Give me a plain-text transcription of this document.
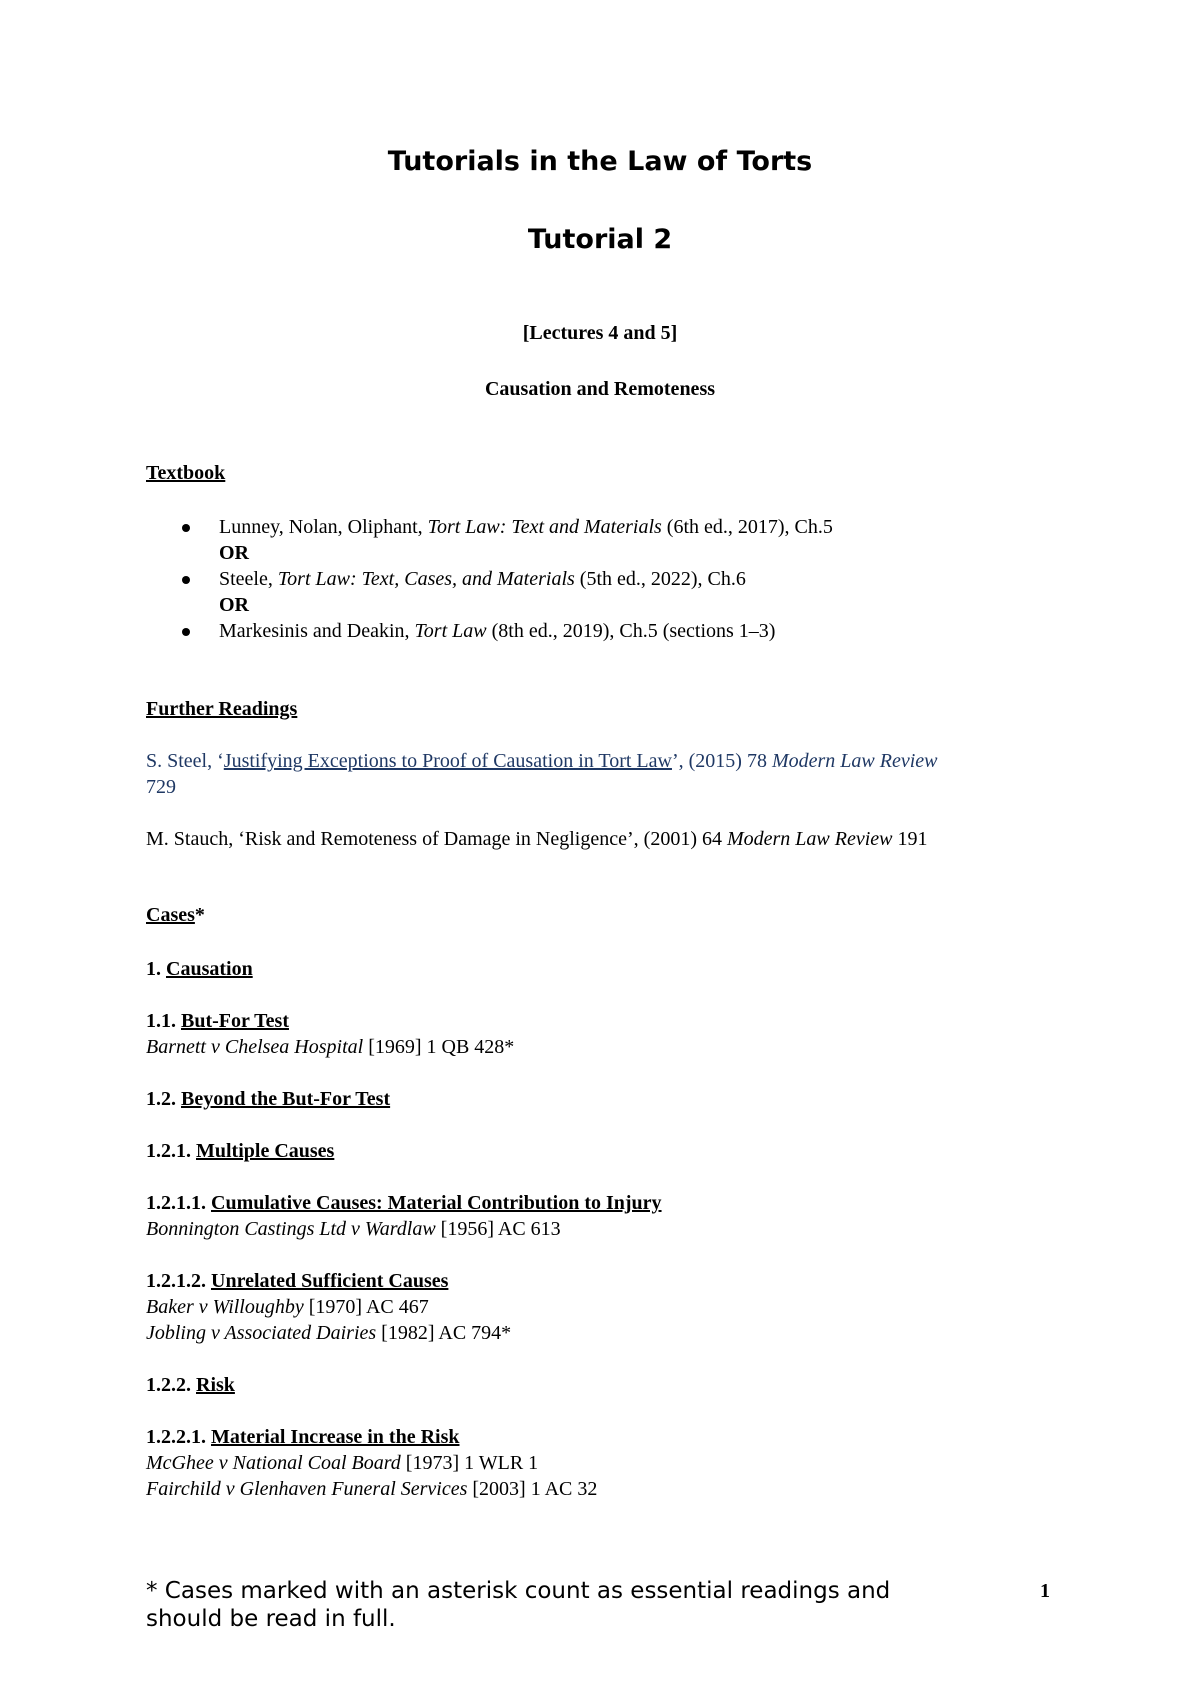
Tutorials in the Law of Torts
Tutorial 2
[Lectures 4 and 5]
Causation and Remoteness
Textbook
Lunney, Nolan, Oliphant, Tort Law: Text and Materials (6th ed., 2017), Ch.5
OR
Steele, Tort Law: Text, Cases, and Materials (5th ed., 2022), Ch.6
OR
Markesinis and Deakin, Tort Law (8th ed., 2019), Ch.5 (sections 1–3)
Further Readings
S. Steel, ‘Justifying Exceptions to Proof of Causation in Tort Law’, (2015) 78 Modern Law Review
729
M. Stauch, ‘Risk and Remoteness of Damage in Negligence’, (2001) 64 Modern Law Review 191
Cases*
1. Causation
1.1. But-For Test
Barnett v Chelsea Hospital [1969] 1 QB 428*
1.2. Beyond the But-For Test
1.2.1. Multiple Causes
1.2.1.1. Cumulative Causes: Material Contribution to Injury
Bonnington Castings Ltd v Wardlaw [1956] AC 613
1.2.1.2. Unrelated Sufficient Causes
Baker v Willoughby [1970] AC 467
Jobling v Associated Dairies [1982] AC 794*
1.2.2. Risk
1.2.2.1. Material Increase in the Risk
McGhee v National Coal Board [1973] 1 WLR 1
Fairchild v Glenhaven Funeral Services [2003] 1 AC 32
* Cases marked with an asterisk count as essential readings and should be read in full.
1
